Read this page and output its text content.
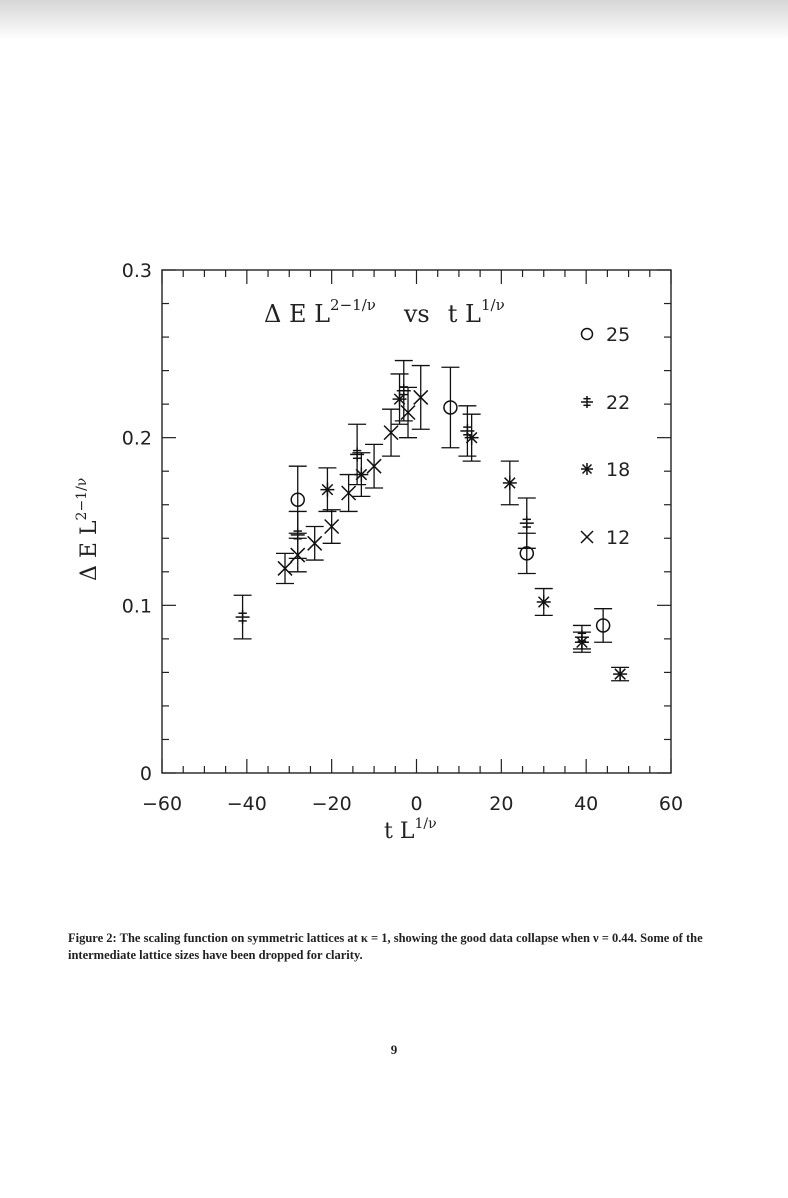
−60 −40 −20	0	20	40	60
0
0.1
0.2
0.3
Δ E $L^{2-1/\nu}$ vs t $L^{1/\nu}$
25
22
18
12
t $L^{1/\nu}$
Δ E $L^{2-1/\nu}$

Figure 2: The scaling function on symmetric lattices at κ = 1, showing the good data collapse when ν = 0.44. Some of the intermediate lattice sizes have been dropped for clarity.

9
